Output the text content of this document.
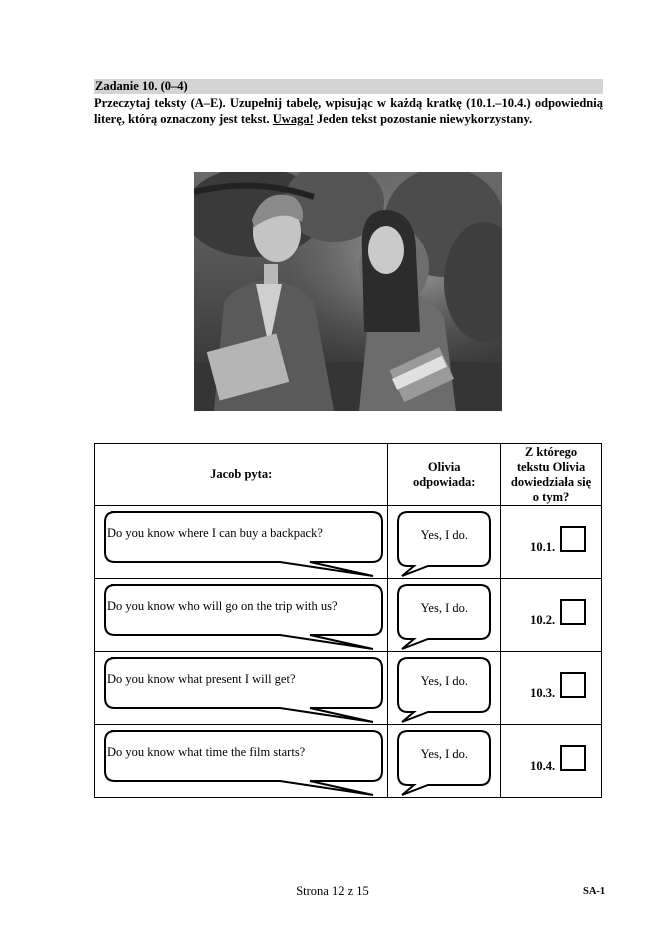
Zadanie 10. (0–4)
Przeczytaj teksty (A–E). Uzupełnij tabelę, wpisując w każdą kratkę (10.1.–10.4.) odpowiednią literę, którą oznaczony jest tekst. Uwaga! Jeden tekst pozostanie niewykorzystany.
Jacob pyta:	Olivia odpowiada:	Z którego tekstu Olivia dowiedziała się o tym?

Do you know where I can buy a backpack?	Yes, I do.	10.1.

Do you know who will go on the trip with us?	Yes, I do.	10.2.

Do you know what present I will get?	Yes, I do.	10.3.

Do you know what time the film starts?	Yes, I do.	10.4.
Strona 12 z 15	SA-1
